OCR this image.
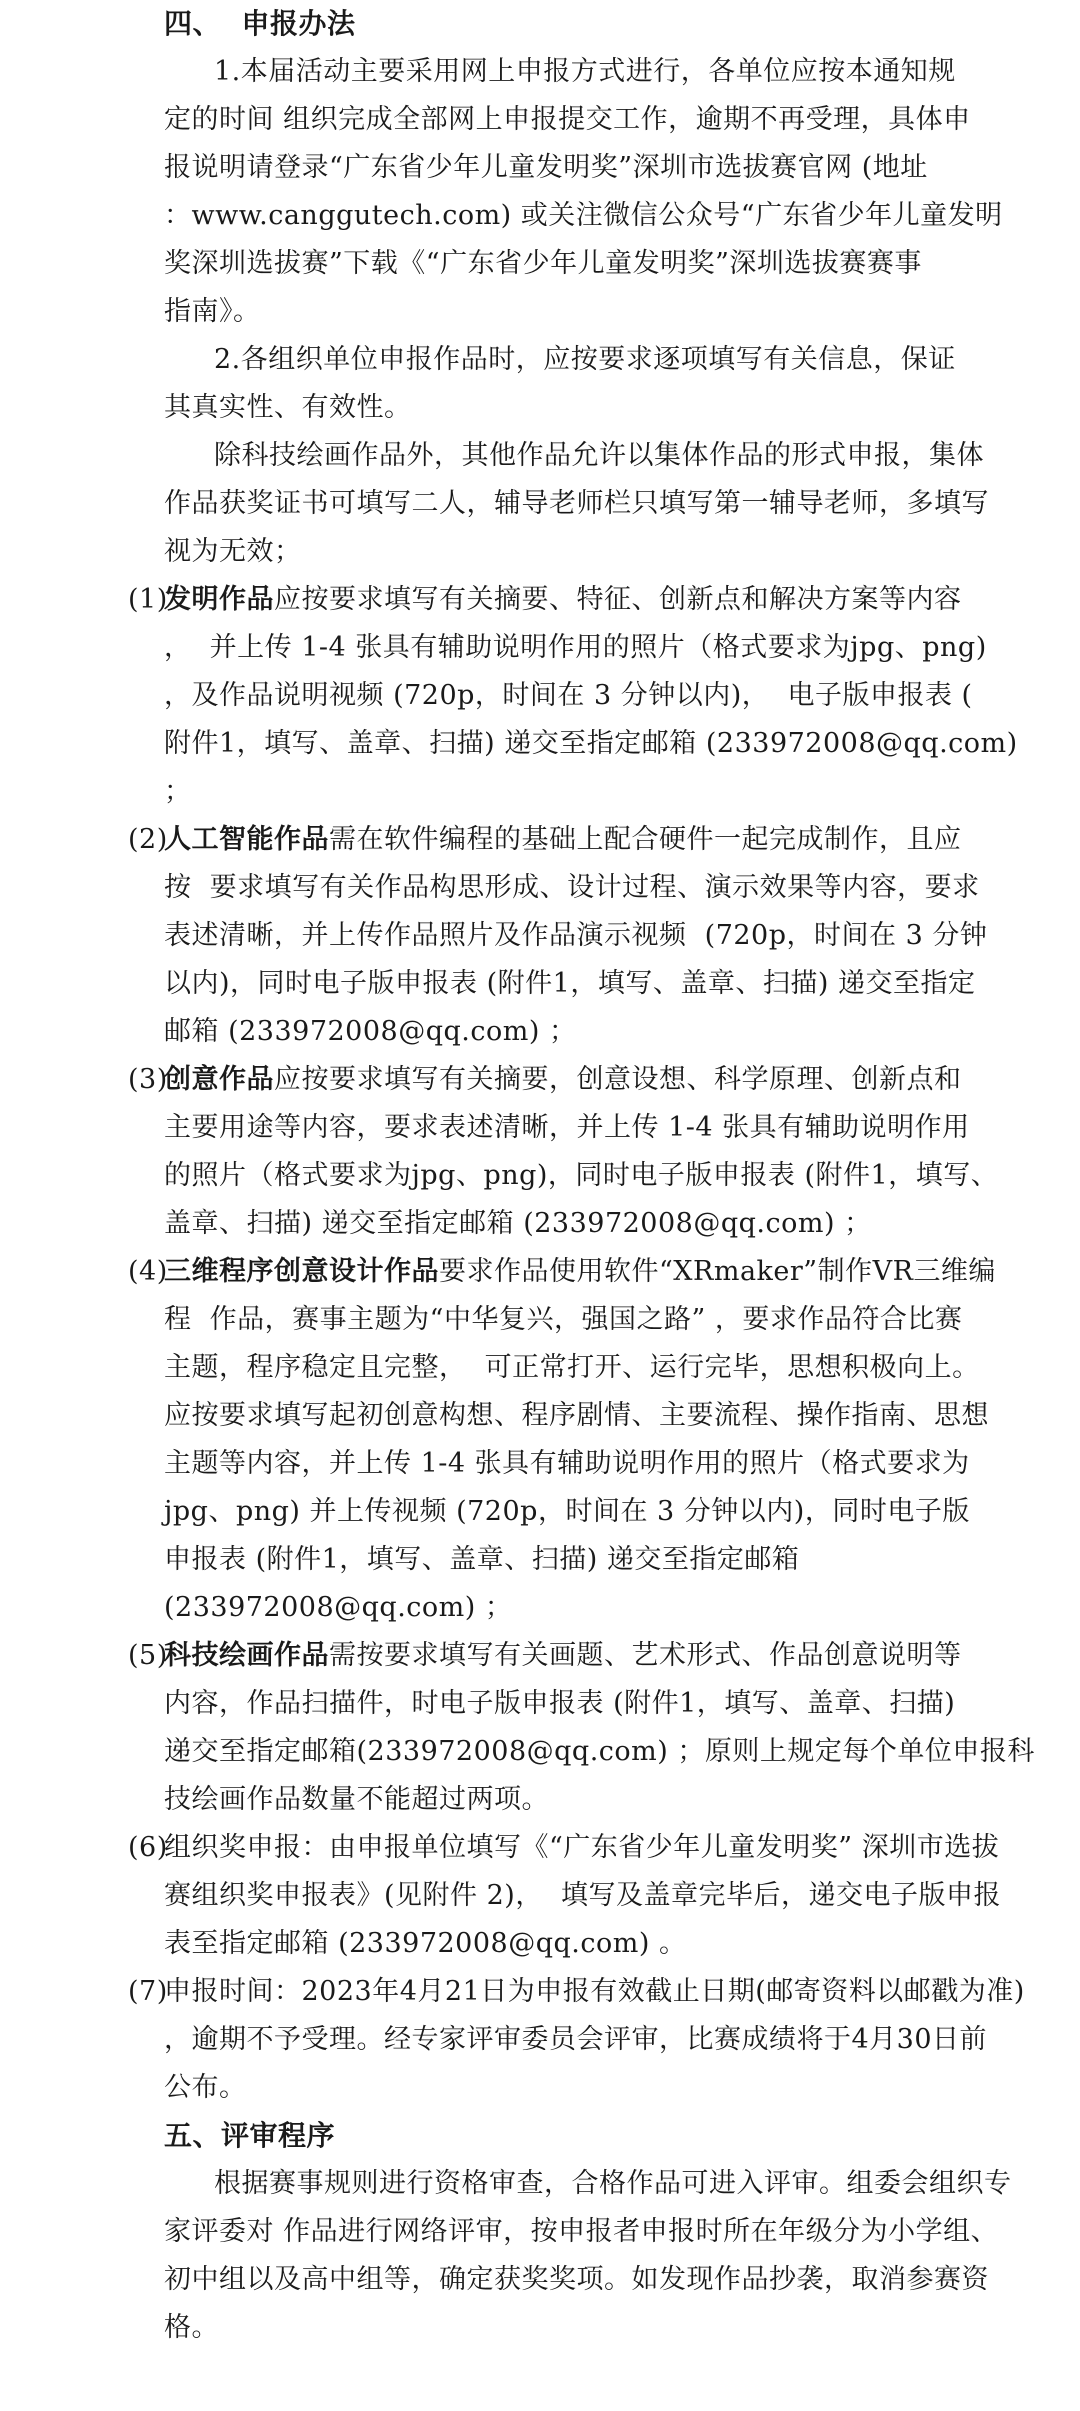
四、  申报办法
1.本届活动主要采用网上申报方式进行，各单位应按本通知规
定的时间 组织完成全部网上申报提交工作，逾期不再受理，具体申
报说明请登录“广东省少年儿童发明奖”深圳市选拔赛官网 (地址
：www.canggutech.com) 或关注微信公众号“广东省少年儿童发明
奖深圳选拔赛”下载《“广东省少年儿童发明奖”深圳选拔赛赛事
指南》。
2.各组织单位申报作品时，应按要求逐项填写有关信息，保证
其真实性、有效性。
除科技绘画作品外，其他作品允许以集体作品的形式申报，集体
作品获奖证书可填写二人，辅导老师栏只填写第一辅导老师，多填写
视为无效；
(1)
发明作品应按要求填写有关摘要、特征、创新点和解决方案等内容
，  并上传 1-4 张具有辅助说明作用的照片（格式要求为jpg、png)
，及作品说明视频 (720p，时间在 3 分钟以内)，  电子版申报表 (
附件1，填写、盖章、扫描) 递交至指定邮箱 (233972008@qq.com)
；
(2)
人工智能作品需在软件编程的基础上配合硬件一起完成制作，且应
按  要求填写有关作品构思形成、设计过程、演示效果等内容，要求
表述清晰，并上传作品照片及作品演示视频  (720p，时间在 3 分钟
以内)，同时电子版申报表 (附件1，填写、盖章、扫描) 递交至指定
邮箱 (233972008@qq.com) ；
(3)
创意作品应按要求填写有关摘要，创意设想、科学原理、创新点和
主要用途等内容，要求表述清晰，并上传 1-4 张具有辅助说明作用
的照片（格式要求为jpg、png)，同时电子版申报表 (附件1，填写、
盖章、扫描) 递交至指定邮箱 (233972008@qq.com) ；
(4)
三维程序创意设计作品要求作品使用软件“XRmaker”制作VR三维编
程  作品，赛事主题为“中华复兴，强国之路” ，要求作品符合比赛
主题，程序稳定且完整，  可正常打开、运行完毕，思想积极向上。
应按要求填写起初创意构想、程序剧情、主要流程、操作指南、思想
主题等内容，并上传 1-4 张具有辅助说明作用的照片（格式要求为
jpg、png) 并上传视频 (720p，时间在 3 分钟以内)，同时电子版
申报表 (附件1，填写、盖章、扫描) 递交至指定邮箱
(233972008@qq.com) ；
(5)
科技绘画作品需按要求填写有关画题、艺术形式、作品创意说明等
内容，作品扫描件，时电子版申报表 (附件1，填写、盖章、扫描)
递交至指定邮箱(233972008@qq.com) ；原则上规定每个单位申报科
技绘画作品数量不能超过两项。
(6)
组织奖申报：由申报单位填写《“广东省少年儿童发明奖” 深圳市选拔
赛组织奖申报表》(见附件 2)，  填写及盖章完毕后，递交电子版申报
表至指定邮箱 (233972008@qq.com) 。
(7)
申报时间：2023年4月21日为申报有效截止日期(邮寄资料以邮戳为准)
，逾期不予受理。经专家评审委员会评审，比赛成绩将于4月30日前
公布。
五、评审程序
根据赛事规则进行资格审查，合格作品可进入评审。组委会组织专
家评委对 作品进行网络评审，按申报者申报时所在年级分为小学组、
初中组以及高中组等，确定获奖奖项。如发现作品抄袭，取消参赛资
格。
